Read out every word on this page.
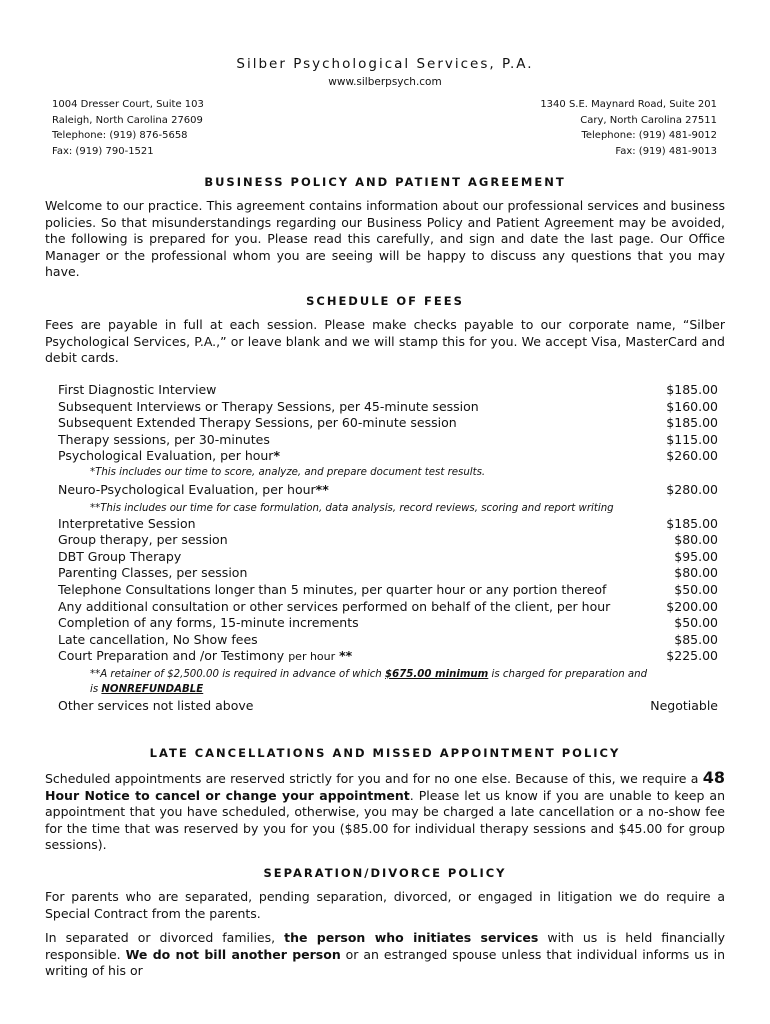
Silber Psychological Services, P.A.
www.silberpsych.com
1004 Dresser Court, Suite 103
Raleigh, North Carolina 27609
Telephone: (919) 876-5658
Fax: (919) 790-1521
1340 S.E. Maynard Road, Suite 201
Cary, North Carolina 27511
Telephone: (919) 481-9012
Fax: (919) 481-9013
BUSINESS POLICY AND PATIENT AGREEMENT
Welcome to our practice. This agreement contains information about our professional services and business policies. So that misunderstandings regarding our Business Policy and Patient Agreement may be avoided, the following is prepared for you. Please read this carefully, and sign and date the last page. Our Office Manager or the professional whom you are seeing will be happy to discuss any questions that you may have.
SCHEDULE OF FEES
Fees are payable in full at each session. Please make checks payable to our corporate name, “Silber Psychological Services, P.A.,” or leave blank and we will stamp this for you. We accept Visa, MasterCard and debit cards.
First Diagnostic Interview	$185.00
Subsequent Interviews or Therapy Sessions, per 45-minute session	$160.00
Subsequent Extended Therapy Sessions, per 60-minute session	$185.00
Therapy sessions, per 30-minutes	$115.00
Psychological Evaluation, per hour*	$260.00
*This includes our time to score, analyze, and prepare document test results.
Neuro-Psychological Evaluation, per hour**	$280.00
**This includes our time for case formulation, data analysis, record reviews, scoring and report writing
Interpretative Session	$185.00
Group therapy, per session	$80.00
DBT Group Therapy	$95.00
Parenting Classes, per session	$80.00
Telephone Consultations longer than 5 minutes, per quarter hour or any portion thereof	$50.00
Any additional consultation or other services performed on behalf of the client, per hour	$200.00
Completion of any forms, 15-minute increments	$50.00
Late cancellation, No Show fees	$85.00
Court Preparation and /or Testimony per hour **	$225.00
**A retainer of $2,500.00 is required in advance of which $675.00 minimum is charged for preparation and is NONREFUNDABLE
Other services not listed above	Negotiable
LATE CANCELLATIONS AND MISSED APPOINTMENT POLICY
Scheduled appointments are reserved strictly for you and for no one else. Because of this, we require a 48 Hour Notice to cancel or change your appointment. Please let us know if you are unable to keep an appointment that you have scheduled, otherwise, you may be charged a late cancellation or a no-show fee for the time that was reserved by you for you ($85.00 for individual therapy sessions and $45.00 for group sessions).
SEPARATION/DIVORCE POLICY
For parents who are separated, pending separation, divorced, or engaged in litigation we do require a Special Contract from the parents.
In separated or divorced families, the person who initiates services with us is held financially responsible. We do not bill another person or an estranged spouse unless that individual informs us in writing of his or
